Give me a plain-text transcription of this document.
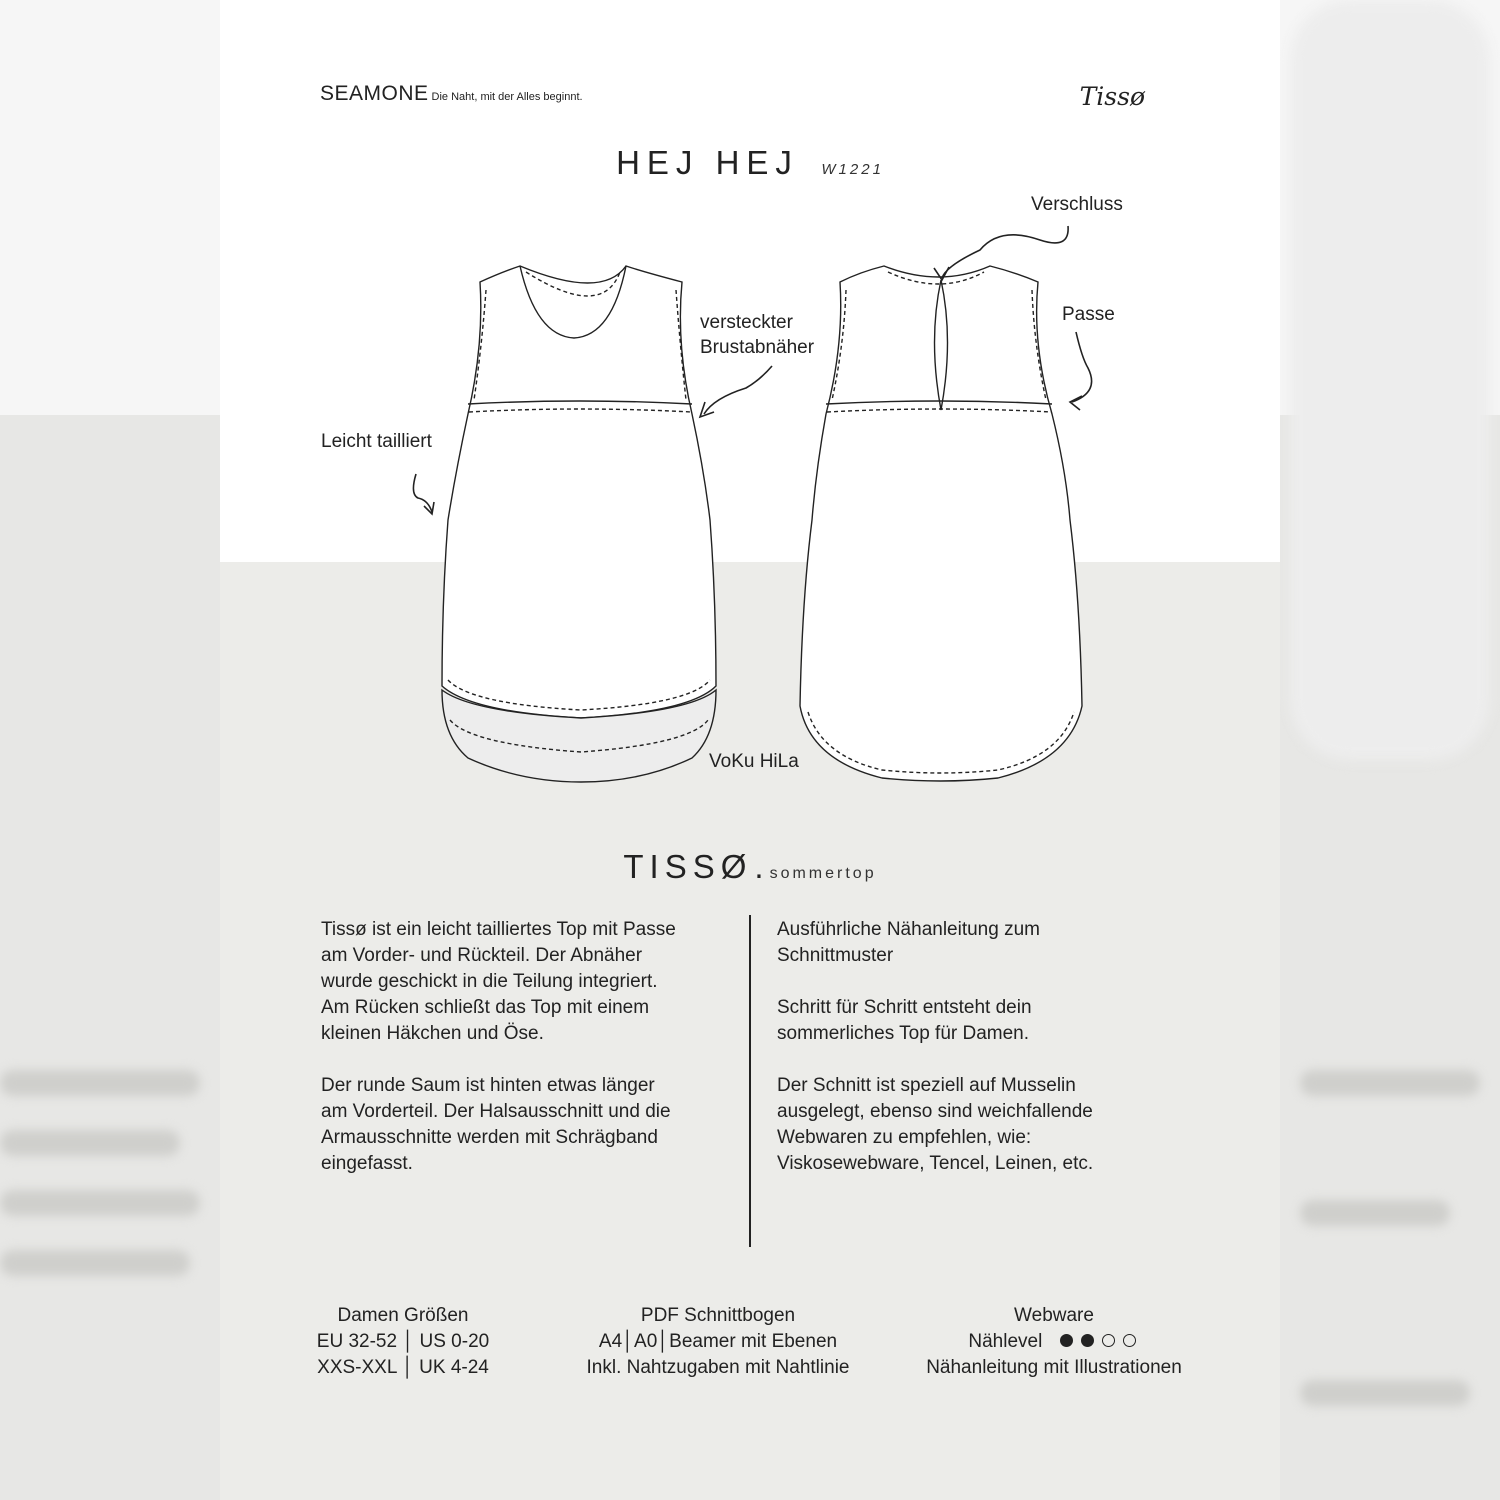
SEAMONE Die Naht, mit der Alles beginnt.	Tissø
HEJ HEJ W1221
Verschluss
Passe
versteckter
Brustabnäher
Leicht tailliert
VoKu HiLa
TISSØ. sommertop
Tissø ist ein leicht tailliertes Top mit Passe
am Vorder- und Rückteil. Der Abnäher
wurde geschickt in die Teilung integriert.
Am Rücken schließt das Top mit einem
kleinen Häkchen und Öse.

Der runde Saum ist hinten etwas länger
am Vorderteil. Der Halsausschnitt und die
Armausschnitte werden mit Schrägband
eingefasst.
Ausführliche Nähanleitung zum
Schnittmuster

Schritt für Schritt entsteht dein
sommerliches Top für Damen.

Der Schnitt ist speziell auf Musselin
ausgelegt, ebenso sind weichfallende
Webwaren zu empfehlen, wie:
Viskosewebware, Tencel, Leinen, etc.
Damen Größen
EU 32-52 │ US 0-20
XXS-XXL │ UK 4-24
PDF Schnittbogen
A4│A0│Beamer mit Ebenen
Inkl. Nahtzugaben mit Nahtlinie
Webware
Nählevel
Nähanleitung mit Illustrationen
